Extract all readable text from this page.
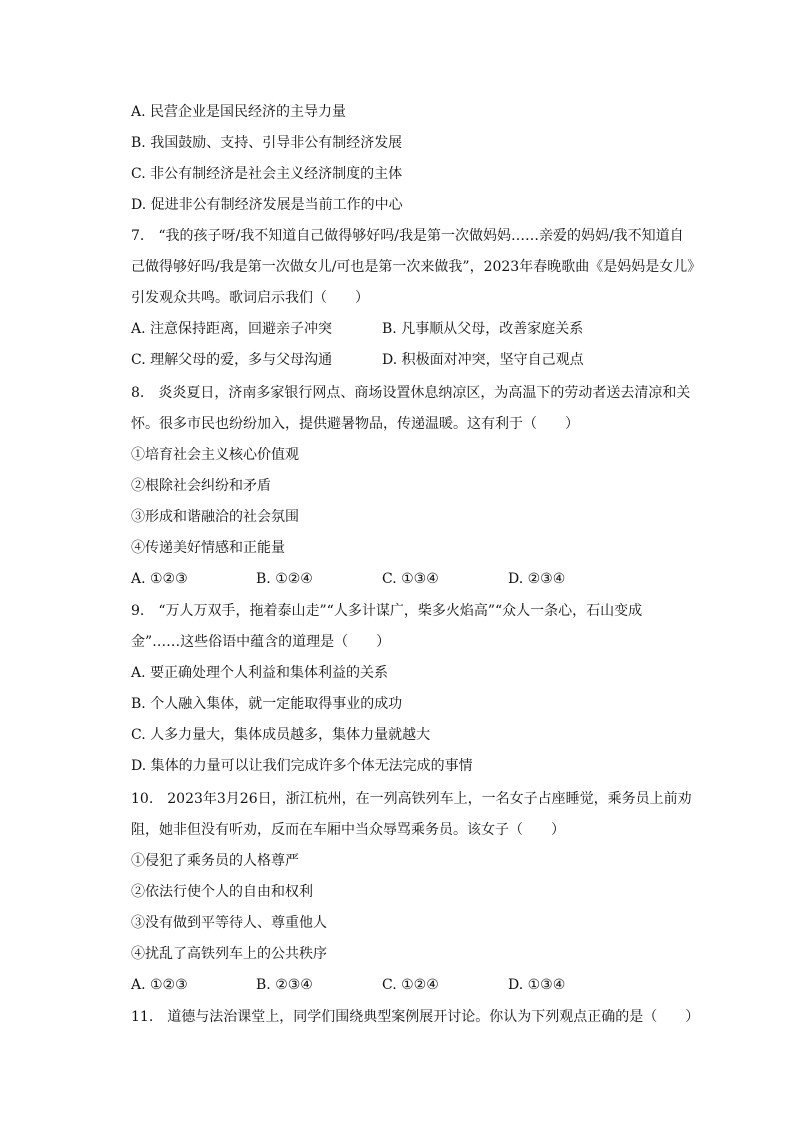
A. 民营企业是国民经济的主导力量
B. 我国鼓励、支持、引导非公有制经济发展
C. 非公有制经济是社会主义经济制度的主体
D. 促进非公有制经济发展是当前工作的中心
7.　“我的孩子呀/我不知道自己做得够好吗/我是第一次做妈妈……亲爱的妈妈/我不知道自
己做得够好吗/我是第一次做女儿/可也是第一次来做我”，2023年春晚歌曲《是妈妈是女儿》
引发观众共鸣。歌词启示我们（　　）
A. 注意保持距离，回避亲子冲突	B. 凡事顺从父母，改善家庭关系
C. 理解父母的爱，多与父母沟通	D. 积极面对冲突，坚守自己观点
8.　炎炎夏日，济南多家银行网点、商场设置休息纳凉区，为高温下的劳动者送去清凉和关
怀。很多市民也纷纷加入，提供避暑物品，传递温暖。这有利于（　　）
①培育社会主义核心价值观
②根除社会纠纷和矛盾
③形成和谐融洽的社会氛围
④传递美好情感和正能量
A. ①②③	B. ①②④	C. ①③④	D. ②③④
9.　“万人万双手，拖着泰山走”“人多计谋广，柴多火焰高”“众人一条心，石山变成
金”……这些俗语中蕴含的道理是（　　）
A. 要正确处理个人利益和集体利益的关系
B. 个人融入集体，就一定能取得事业的成功
C. 人多力量大，集体成员越多，集体力量就越大
D. 集体的力量可以让我们完成许多个体无法完成的事情
10.　2023年3月26日，浙江杭州，在一列高铁列车上，一名女子占座睡觉，乘务员上前劝
阻，她非但没有听劝，反而在车厢中当众辱骂乘务员。该女子（　　）
①侵犯了乘务员的人格尊严
②依法行使个人的自由和权利
③没有做到平等待人、尊重他人
④扰乱了高铁列车上的公共秩序
A. ①②③	B. ②③④	C. ①②④	D. ①③④
11.　道德与法治课堂上，同学们围绕典型案例展开讨论。你认为下列观点正确的是（　　）
